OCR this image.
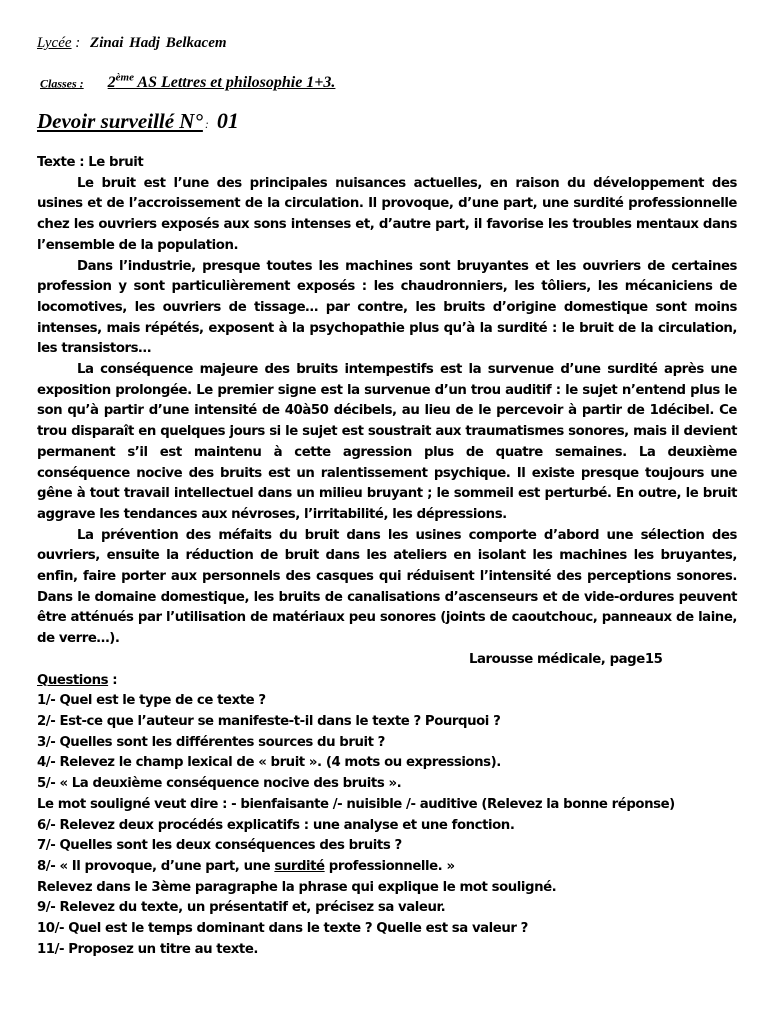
Lycée : Zinai Hadj Belkacem
Classes : 2ème AS Lettres et philosophie 1+3.
Devoir surveillé N° : 01

Texte : Le bruit

Le bruit est l’une des principales nuisances actuelles, en raison du développement des usines et de l’accroissement de la circulation. Il provoque, d’une part, une surdité professionnelle chez les ouvriers exposés aux sons intenses et, d’autre part, il favorise les troubles mentaux dans l’ensemble de la population.

Dans l’industrie, presque toutes les machines sont bruyantes et les ouvriers de certaines profession y sont particulièrement exposés : les chaudronniers, les tôliers, les mécaniciens de locomotives, les ouvriers de tissage… par contre, les bruits d’origine domestique sont moins intenses, mais répétés, exposent à la psychopathie plus qu’à la surdité : le bruit de la circulation, les transistors…

La conséquence majeure des bruits intempestifs est la survenue d’une surdité après une exposition prolongée. Le premier signe est la survenue d’un trou auditif : le sujet n’entend plus le son qu’à partir d’une intensité de 40à50 décibels, au lieu de le percevoir à partir de 1décibel. Ce trou disparaît en quelques jours si le sujet est soustrait aux traumatismes sonores, mais il devient permanent s’il est maintenu à cette agression plus de quatre semaines. La deuxième conséquence nocive des bruits est un ralentissement psychique. Il existe presque toujours une gêne à tout travail intellectuel dans un milieu bruyant ; le sommeil est perturbé. En outre, le bruit aggrave les tendances aux névroses, l’irritabilité, les dépressions.

La prévention des méfaits du bruit dans les usines comporte d’abord une sélection des ouvriers, ensuite la réduction de bruit dans les ateliers en isolant les machines les bruyantes, enfin, faire porter aux personnels des casques qui réduisent l’intensité des perceptions sonores. Dans le domaine domestique, les bruits de canalisations d’ascenseurs et de vide-ordures peuvent être atténués par l’utilisation de matériaux peu sonores (joints de caoutchouc, panneaux de laine, de verre…).

Larousse médicale, page15

Questions :

1/- Quel est le type de ce texte ?

2/- Est-ce que l’auteur se manifeste-t-il dans le texte ? Pourquoi ?

3/- Quelles sont les différentes sources du bruit ?

4/- Relevez le champ lexical de « bruit ». (4 mots ou expressions).

5/- « La deuxième conséquence nocive des bruits ».

Le mot souligné veut dire : - bienfaisante /- nuisible /- auditive (Relevez la bonne réponse)

6/- Relevez deux procédés explicatifs : une analyse et une fonction.

7/- Quelles sont les deux conséquences des bruits ?

8/- « Il provoque, d’une part, une surdité professionnelle. »

Relevez dans le 3ème paragraphe la phrase qui explique le mot souligné.

9/- Relevez du texte, un présentatif et, précisez sa valeur.

10/- Quel est le temps dominant dans le texte ? Quelle est sa valeur ?

11/- Proposez un titre au texte.
